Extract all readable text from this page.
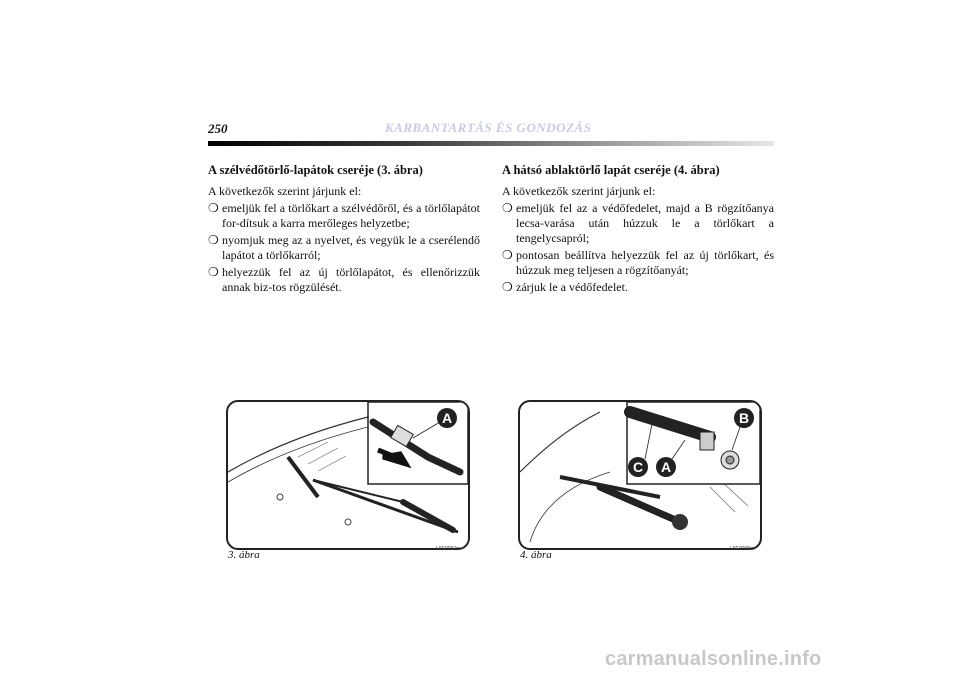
250	KARBANTARTÁS ÉS GONDOZÁS
A szélvédőtörlő-lapátok cseréje (3. ábra)

A következők szerint járjunk el:

❍ emeljük fel a törlőkart a szélvédőről, és a törlőlapátot for-dítsuk a karra merőleges helyzetbe;
❍ nyomjuk meg az a nyelvet, és vegyük le a cserélendő lapátot a törlőkarról;
❍ helyezzük fel az új törlőlapátot, és ellenőrizzük annak biz-tos rögzülését.
A hátsó ablaktörlő lapát cseréje (4. ábra)

A következők szerint járjunk el:

❍ emeljük fel az a védőfedelet, majd a B rögzítőanya lecsa-varása után húzzuk le a törlőkart a tengelycsapról;
❍ pontosan beállítva helyezzük fel az új törlőkart, és húzzuk meg teljesen a rögzítőanyát;
❍ zárjuk le a védőfedelet.
A
3. ábra	L0E0097m
B
C A
4. ábra	L0E0098m
carmanualsonline.info
